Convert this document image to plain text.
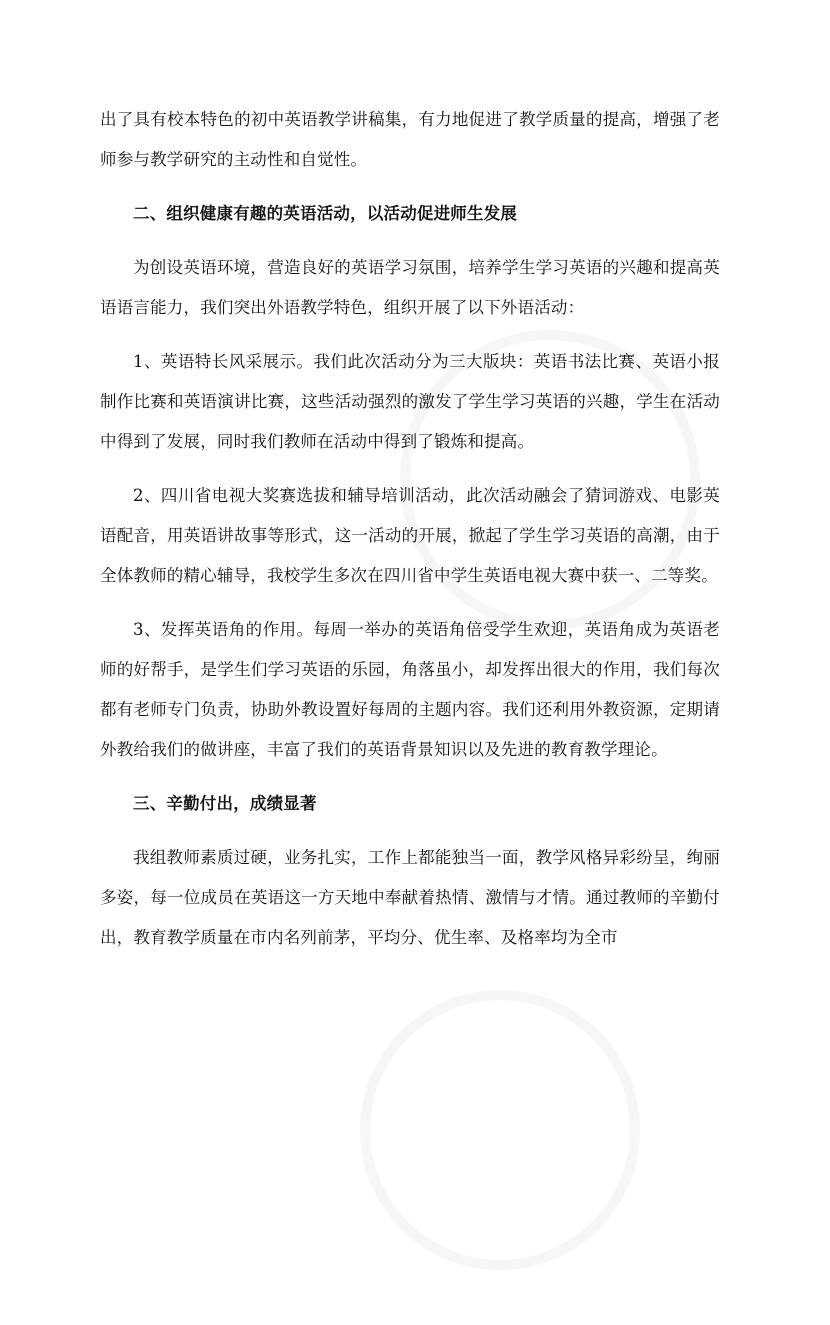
出了具有校本特色的初中英语教学讲稿集，有力地促进了教学质量的提高，增强了老师参与教学研究的主动性和自觉性。

二、组织健康有趣的英语活动，以活动促进师生发展

为创设英语环境，营造良好的英语学习氛围，培养学生学习英语的兴趣和提高英语语言能力，我们突出外语教学特色，组织开展了以下外语活动：

1、英语特长风采展示。我们此次活动分为三大版块：英语书法比赛、英语小报制作比赛和英语演讲比赛，这些活动强烈的激发了学生学习英语的兴趣，学生在活动中得到了发展，同时我们教师在活动中得到了锻炼和提高。

2、四川省电视大奖赛选拔和辅导培训活动，此次活动融会了猜词游戏、电影英语配音，用英语讲故事等形式，这一活动的开展，掀起了学生学习英语的高潮，由于全体教师的精心辅导，我校学生多次在四川省中学生英语电视大赛中获一、二等奖。

3、发挥英语角的作用。每周一举办的英语角倍受学生欢迎，英语角成为英语老师的好帮手，是学生们学习英语的乐园，角落虽小，却发挥出很大的作用，我们每次都有老师专门负责，协助外教设置好每周的主题内容。我们还利用外教资源，定期请外教给我们的做讲座，丰富了我们的英语背景知识以及先进的教育教学理论。

三、辛勤付出，成绩显著

我组教师素质过硬，业务扎实，工作上都能独当一面，教学风格异彩纷呈，绚丽多姿，每一位成员在英语这一方天地中奉献着热情、激情与才情。通过教师的辛勤付出，教育教学质量在市内名列前茅，平均分、优生率、及格率均为全市
